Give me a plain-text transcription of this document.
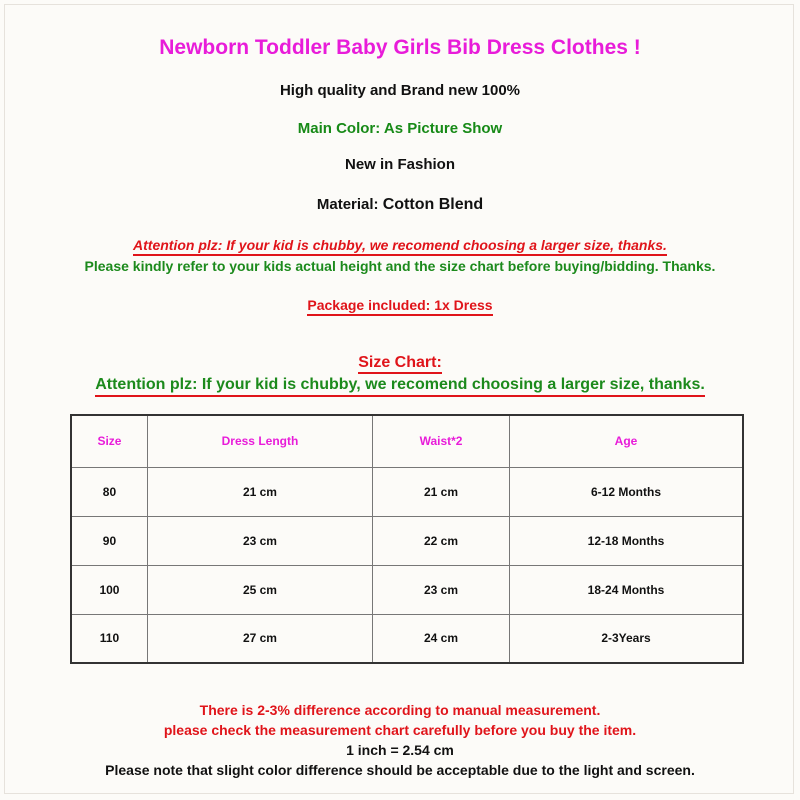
Newborn Toddler Baby Girls Bib Dress Clothes !
High quality and Brand new 100%
Main Color: As Picture Show
New in Fashion
Material: Cotton Blend
Attention plz: If your kid is chubby, we recomend choosing a larger size, thanks.
Please kindly refer to your kids actual height and the size chart before buying/bidding. Thanks.
Package included: 1x Dress
Size Chart:
Attention plz: If your kid is chubby, we recomend choosing a larger size, thanks.
Size	Dress Length	Waist*2	Age
80	21 cm	21 cm	6-12 Months
90	23 cm	22 cm	12-18 Months
100	25 cm	23 cm	18-24 Months
110	27 cm	24 cm	2-3Years
There is 2-3% difference according to manual measurement.
please check the measurement chart carefully before you buy the item.
1 inch = 2.54 cm
Please note that slight color difference should be acceptable due to the light and screen.
